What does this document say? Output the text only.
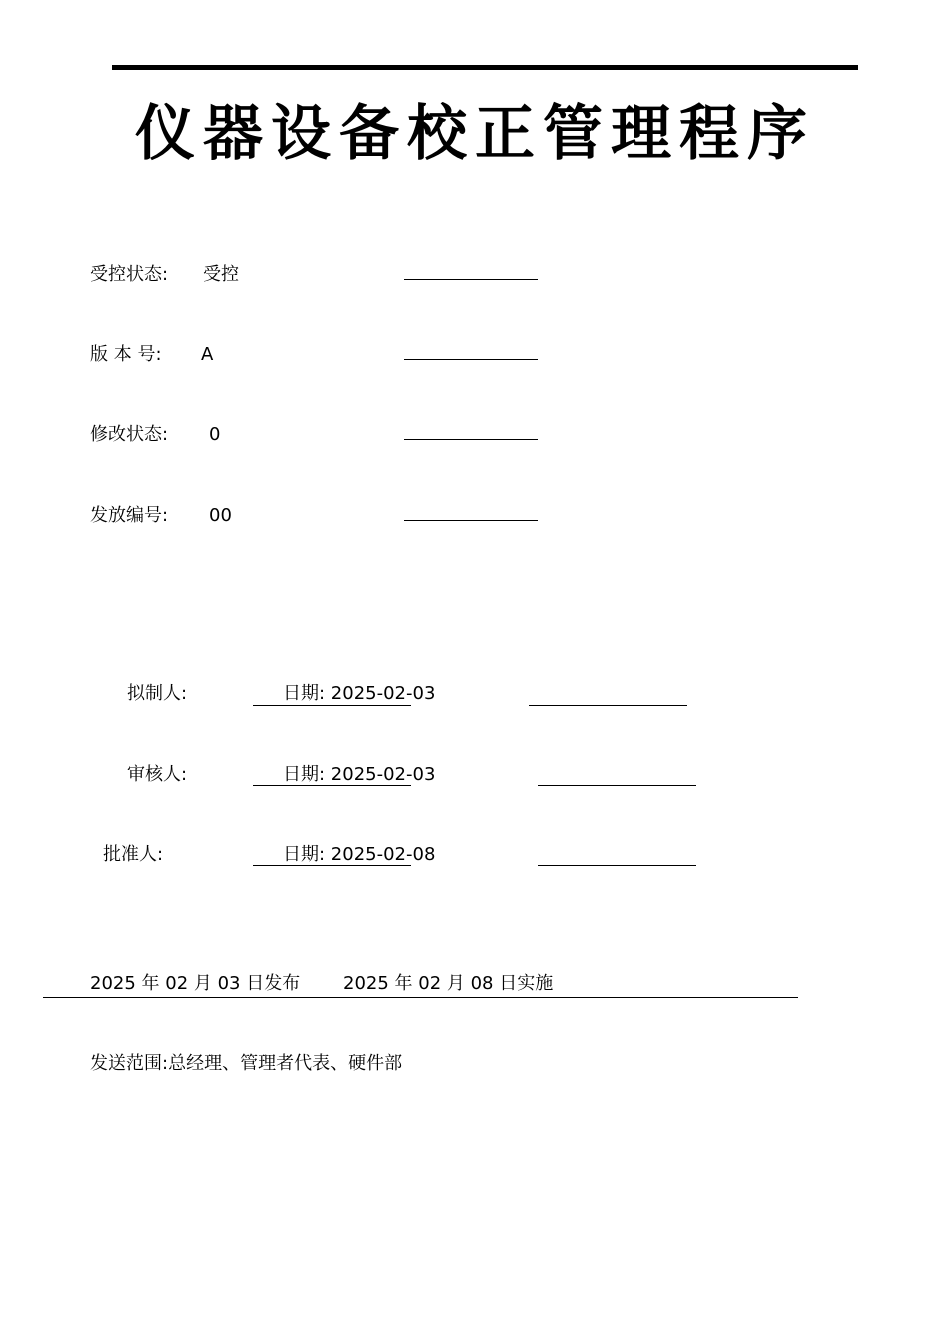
仪器设备校正管理程序
受控状态: 受控
版 本 号: A
修改状态: 0
发放编号: 00
拟制人:	日期: 2025-02-03
审核人:	日期: 2025-02-03
批准人:	日期: 2025-02-08
2025 年 02 月 03 日发布 2025 年 02 月 08 日实施
发送范围:总经理、管理者代表、硬件部
